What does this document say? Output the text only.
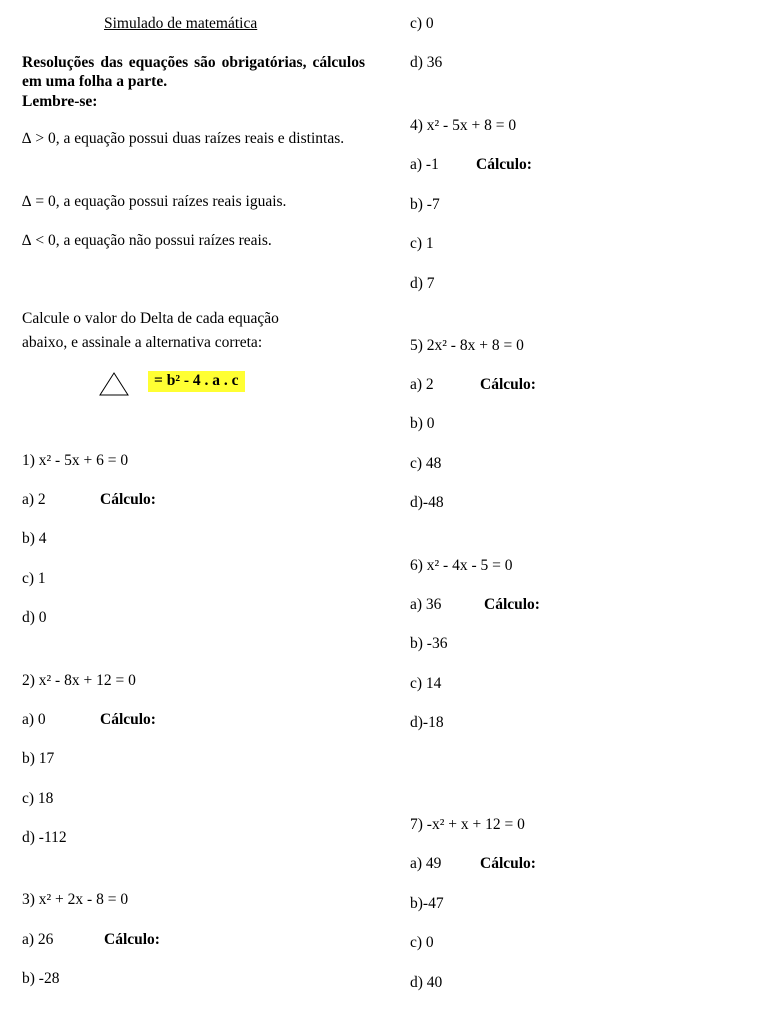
Simulado de matemática
Resoluções das equações são obrigatórias, cálculos em uma folha a parte.
Lembre-se:
∆ > 0, a equação possui duas raízes reais e distintas.
∆ = 0, a equação possui raízes reais iguais.
∆ < 0, a equação não possui raízes reais.
Calcule o valor do Delta de cada equação
abaixo, e assinale a alternativa correta:
= b² - 4 . a . c
1) x² - 5x + 6 = 0
a) 2	Cálculo:
b) 4
c) 1
d) 0
2) x² - 8x + 12 = 0
a) 0	Cálculo:
b) 17
c) 18
d) -112
3) x² + 2x - 8 = 0
a) 26	Cálculo:
b) -28
c) 0
d) 36
4) x² - 5x + 8 = 0
a) -1 Cálculo:
b) -7
c) 1
d) 7
5) 2x² - 8x + 8 = 0
a) 2	Cálculo:
b) 0
c) 48
d)-48
6) x² - 4x - 5 = 0
a) 36	Cálculo:
b) -36
c) 14
d)-18
7) -x² + x + 12 = 0
a) 49 Cálculo:
b)-47
c) 0
d) 40
